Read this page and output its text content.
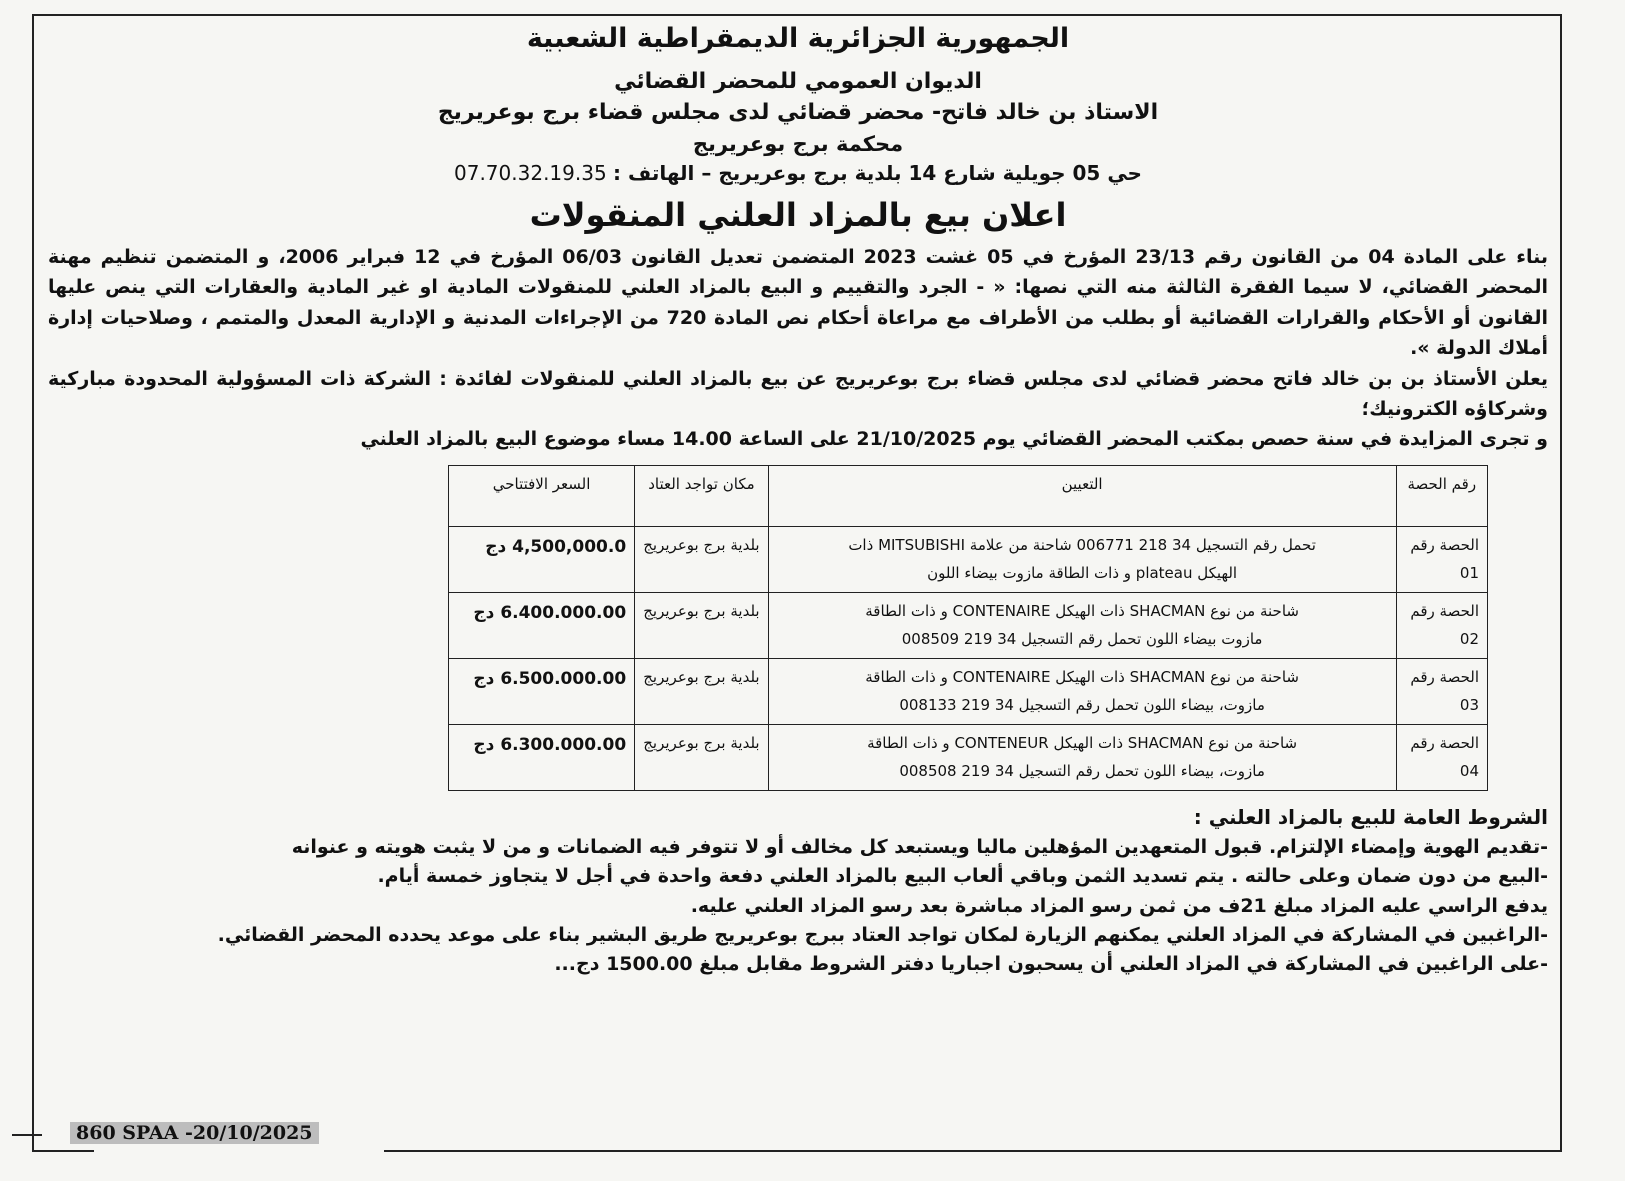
الجمهورية الجزائرية الديمقراطية الشعبية

الديوان العمومي للمحضر القضائي

الاستاذ بن خالد فاتح- محضر قضائي لدى مجلس قضاء برج بوعريريج

محكمة برج بوعريريج

حي 05 جويلية شارع 14 بلدية برج بوعريريج – الهاتف : 07.70.32.19.35

اعلان بيع بالمزاد العلني المنقولات

بناء على المادة 04 من القانون رقم 23/13 المؤرخ في 05 غشت 2023 المتضمن تعديل القانون 06/03 المؤرخ في 12 فبراير 2006، و المتضمن تنظيم مهنة المحضر القضائي، لا سيما الفقرة الثالثة منه التي نصها: « - الجرد والتقييم و البيع بالمزاد العلني للمنقولات المادية او غير المادية والعقارات التي ينص عليها القانون أو الأحكام والقرارات القضائية أو بطلب من الأطراف مع مراعاة أحكام نص المادة 720 من الإجراءات المدنية و الإدارية المعدل والمتمم ، وصلاحيات إدارة أملاك الدولة ».

يعلن الأستاذ بن بن خالد فاتح محضر قضائي لدى مجلس قضاء برج بوعريريج عن بيع بالمزاد العلني للمنقولات لفائدة : الشركة ذات المسؤولية المحدودة مباركية وشركاؤه الكترونيك؛

و تجرى المزايدة في سنة حصص بمكتب المحضر القضائي يوم 21/10/2025 على الساعة 14.00 مساء موضوع البيع بالمزاد العلني

رقم الحصة	التعيين	مكان تواجد العتاد	السعر الافتتاحي
الحصة رقم 01	تحمل رقم التسجيل 34 218 006771 شاحنة من علامة MITSUBISHI ذات
الهيكل plateau و ذات الطاقة مازوت بيضاء اللون	بلدية برج بوعريريج	4,500,000.0 دج
الحصة رقم 02	شاحنة من نوع SHACMAN ذات الهيكل CONTENAIRE و ذات الطاقة
مازوت بيضاء اللون تحمل رقم التسجيل 34 219 008509	بلدية برج بوعريريج	6.400.000.00 دج
الحصة رقم 03	شاحنة من نوع SHACMAN ذات الهيكل CONTENAIRE و ذات الطاقة
مازوت، بيضاء اللون تحمل رقم التسجيل 34 219 008133	بلدية برج بوعريريج	6.500.000.00 دج
الحصة رقم 04	شاحنة من نوع SHACMAN ذات الهيكل CONTENEUR و ذات الطاقة
مازوت، بيضاء اللون تحمل رقم التسجيل 34 219 008508	بلدية برج بوعريريج	6.300.000.00 دج

الشروط العامة للبيع بالمزاد العلني :

-تقديم الهوية وإمضاء الإلتزام. قبول المتعهدين المؤهلين ماليا ويستبعد كل مخالف أو لا تتوفر فيه الضمانات و من لا يثبت هويته و عنوانه

-البيع من دون ضمان وعلى حالته . يتم تسديد الثمن وباقي ألعاب البيع بالمزاد العلني دفعة واحدة في أجل لا يتجاوز خمسة أيام.

يدفع الراسي عليه المزاد مبلغ 21ف من ثمن رسو المزاد مباشرة بعد رسو المزاد العلني عليه.

-الراغبين في المشاركة في المزاد العلني يمكنهم الزيارة لمكان تواجد العتاد ببرج بوعريريج طريق البشير بناء على موعد يحدده المحضر القضائي.

-على الراغبين في المشاركة في المزاد العلني أن يسحبون اجباريا دفتر الشروط مقابل مبلغ 1500.00 دج...

860 SPAA -20/10/2025
